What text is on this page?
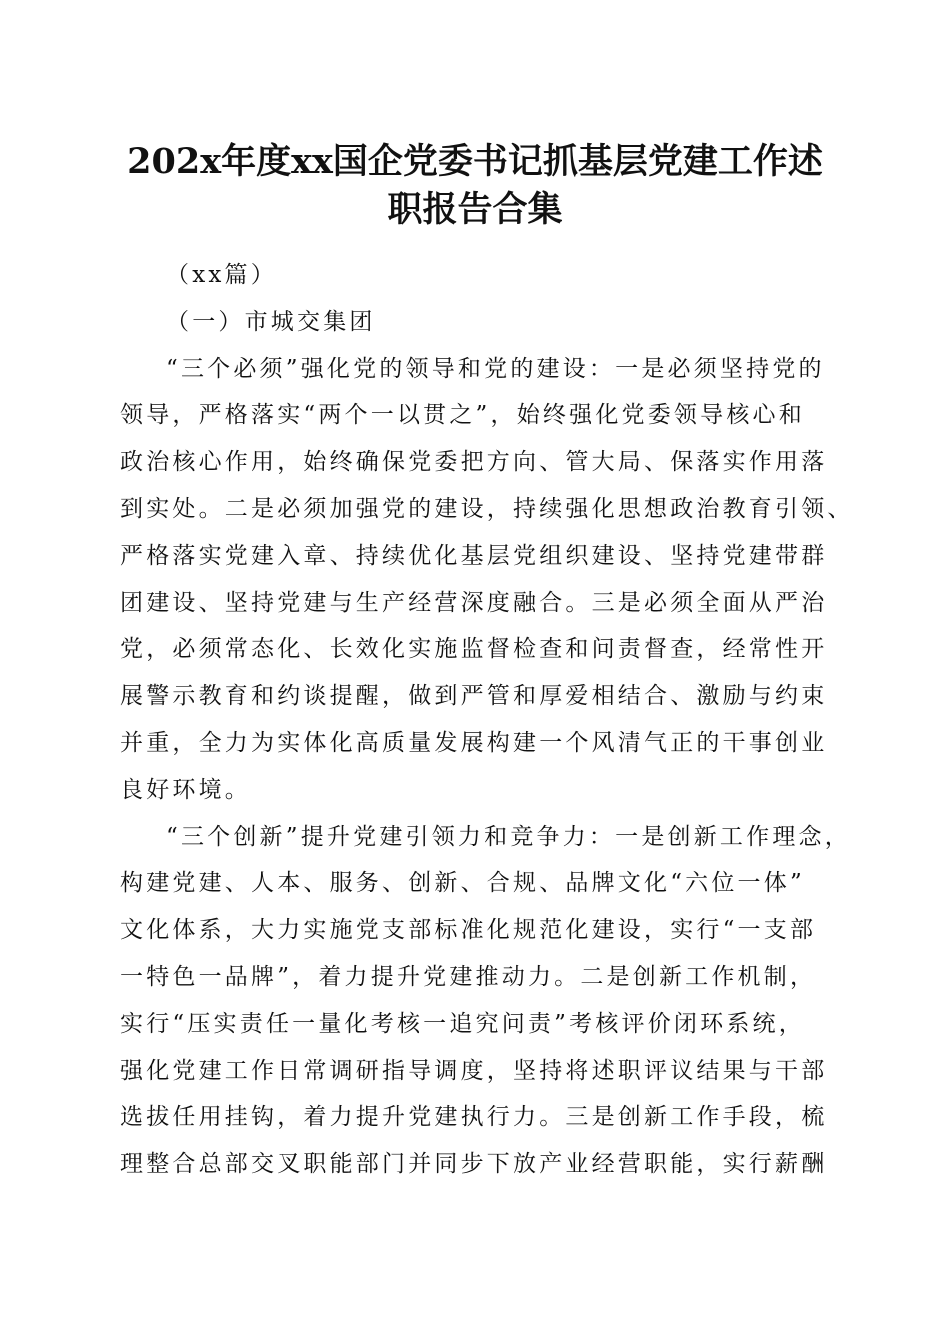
202x年度xx国企党委书记抓基层党建工作述
职报告合集
（xx篇）
（一）市城交集团
“三个必须”强化党的领导和党的建设：一是必须坚持党的
领导，严格落实“两个一以贯之”，始终强化党委领导核心和
政治核心作用，始终确保党委把方向、管大局、保落实作用落
到实处。二是必须加强党的建设，持续强化思想政治教育引领、
严格落实党建入章、持续优化基层党组织建设、坚持党建带群
团建设、坚持党建与生产经营深度融合。三是必须全面从严治
党，必须常态化、长效化实施监督检查和问责督查，经常性开
展警示教育和约谈提醒，做到严管和厚爱相结合、激励与约束
并重，全力为实体化高质量发展构建一个风清气正的干事创业
良好环境。
“三个创新”提升党建引领力和竞争力：一是创新工作理念，
构建党建、人本、服务、创新、合规、品牌文化“六位一体”
文化体系，大力实施党支部标准化规范化建设，实行“一支部
一特色一品牌”，着力提升党建推动力。二是创新工作机制，
实行“压实责任一量化考核一追究问责”考核评价闭环系统，
强化党建工作日常调研指导调度，坚持将述职评议结果与干部
选拔任用挂钩，着力提升党建执行力。三是创新工作手段，梳
理整合总部交叉职能部门并同步下放产业经营职能，实行薪酬
